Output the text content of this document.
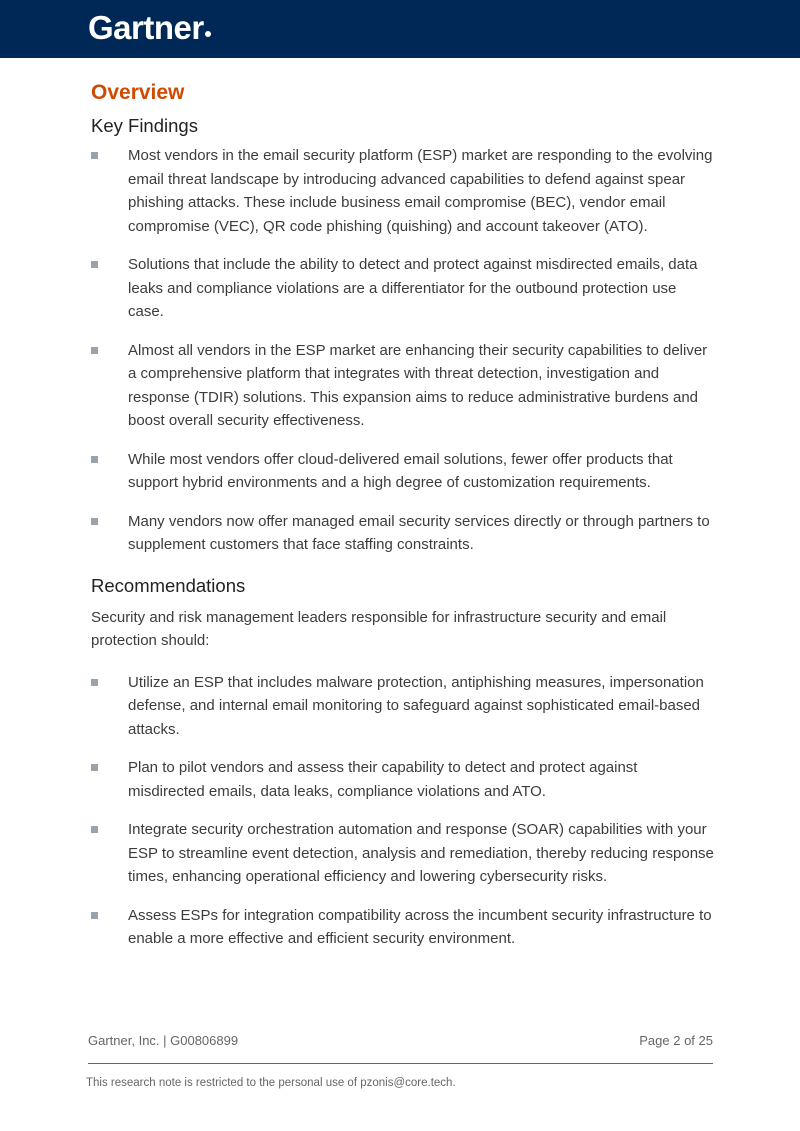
Gartner
Overview
Key Findings
Most vendors in the email security platform (ESP) market are responding to the evolving email threat landscape by introducing advanced capabilities to defend against spear phishing attacks. These include business email compromise (BEC), vendor email compromise (VEC), QR code phishing (quishing) and account takeover (ATO).
Solutions that include the ability to detect and protect against misdirected emails, data leaks and compliance violations are a differentiator for the outbound protection use case.
Almost all vendors in the ESP market are enhancing their security capabilities to deliver a comprehensive platform that integrates with threat detection, investigation and response (TDIR) solutions. This expansion aims to reduce administrative burdens and boost overall security effectiveness.
While most vendors offer cloud-delivered email solutions, fewer offer products that support hybrid environments and a high degree of customization requirements.
Many vendors now offer managed email security services directly or through partners to supplement customers that face staffing constraints.
Recommendations

Security and risk management leaders responsible for infrastructure security and email protection should:

Utilize an ESP that includes malware protection, antiphishing measures, impersonation defense, and internal email monitoring to safeguard against sophisticated email-based attacks.
Plan to pilot vendors and assess their capability to detect and protect against misdirected emails, data leaks, compliance violations and ATO.
Integrate security orchestration automation and response (SOAR) capabilities with your ESP to streamline event detection, analysis and remediation, thereby reducing response times, enhancing operational efficiency and lowering cybersecurity risks.
Assess ESPs for integration compatibility across the incumbent security infrastructure to enable a more effective and efficient security environment.
Gartner, Inc. | G00806899	Page 2 of 25
This research note is restricted to the personal use of pzonis@core.tech.
